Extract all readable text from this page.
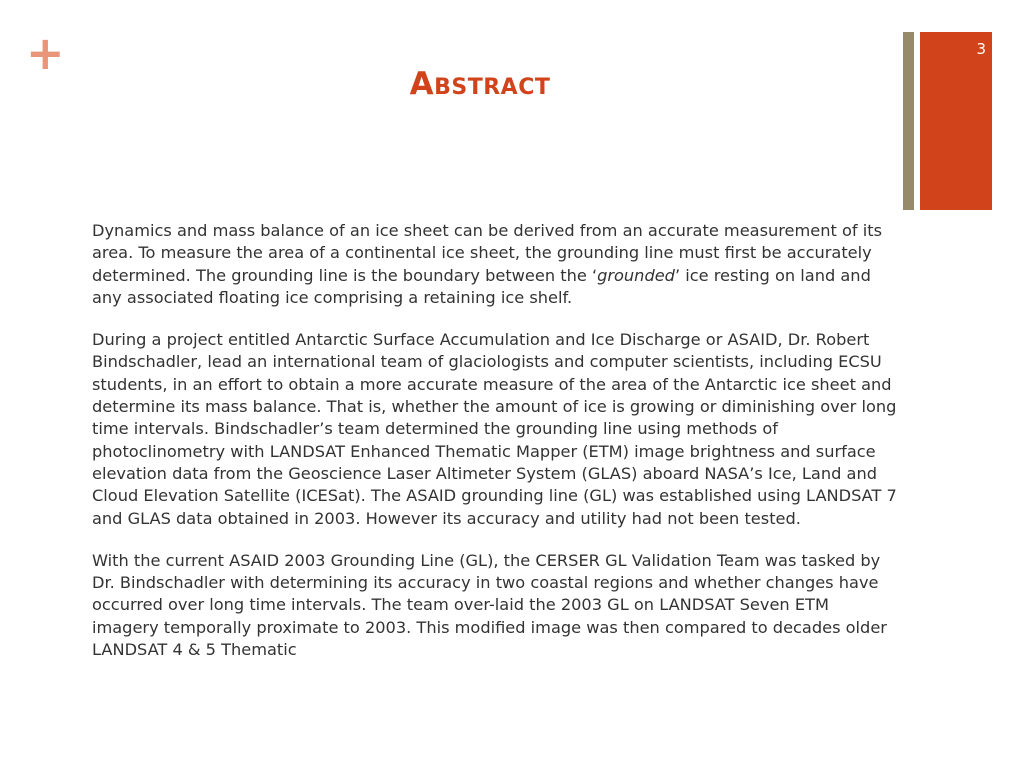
+	3
Abstract

Dynamics and mass balance of an ice sheet can be derived from an accurate measurement of its area. To measure the area of a continental ice sheet, the grounding line must first be accurately determined. The grounding line is the boundary between the ‘grounded’ ice resting on land and any associated floating ice comprising a retaining ice shelf.

During a project entitled Antarctic Surface Accumulation and Ice Discharge or ASAID, Dr. Robert Bindschadler, lead an international team of glaciologists and computer scientists, including ECSU students, in an effort to obtain a more accurate measure of the area of the Antarctic ice sheet and determine its mass balance. That is, whether the amount of ice is growing or diminishing over long time intervals. Bindschadler’s team determined the grounding line using methods of photoclinometry with LANDSAT Enhanced Thematic Mapper (ETM) image brightness and surface elevation data from the Geoscience Laser Altimeter System (GLAS) aboard NASA’s Ice, Land and Cloud Elevation Satellite (ICESat). The ASAID grounding line (GL) was established using LANDSAT 7 and GLAS data obtained in 2003. However its accuracy and utility had not been tested.

With the current ASAID 2003 Grounding Line (GL), the CERSER GL Validation Team was tasked by Dr. Bindschadler with determining its accuracy in two coastal regions and whether changes have occurred over long time intervals. The team over-laid the 2003 GL on LANDSAT Seven ETM imagery temporally proximate to 2003. This modified image was then compared to decades older LANDSAT 4 & 5 Thematic
